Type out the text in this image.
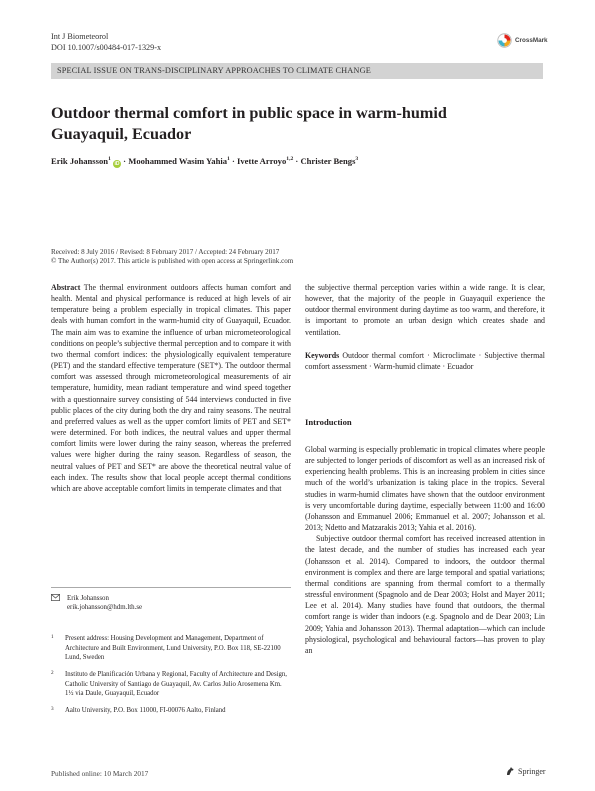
Int J Biometeorol
DOI 10.1007/s00484-017-1329-x
CrossMark
SPECIAL ISSUE ON TRANS-DISCIPLINARY APPROACHES TO CLIMATE CHANGE
Outdoor thermal comfort in public space in warm-humid
Guayaquil, Ecuador
Erik Johansson$^1$ iD · Moohammed Wasim Yahia$^1$ · Ivette Arroyo$^{1,2}$ · Christer Bengs$^3$
Received: 8 July 2016 / Revised: 8 February 2017 / Accepted: 24 February 2017
© The Author(s) 2017. This article is published with open access at Springerlink.com

Abstract The thermal environment outdoors affects human comfort and health. Mental and physical performance is reduced at high levels of air temperature being a problem especially in tropical climates. This paper deals with human comfort in the warm-humid city of Guayaquil, Ecuador. The main aim was to examine the influence of urban micrometeorological conditions on people’s subjective thermal perception and to compare it with two thermal comfort indices: the physiologically equivalent temperature (PET) and the standard effective temperature (SET*). The outdoor thermal comfort was assessed through micrometeorological measurements of air temperature, humidity, mean radiant temperature and wind speed together with a questionnaire survey consisting of 544 interviews conducted in five public places of the city during both the dry and rainy seasons. The neutral and preferred values as well as the upper comfort limits of PET and SET* were determined. For both indices, the neutral values and upper thermal comfort limits were lower during the rainy season, whereas the preferred values were higher during the rainy season. Regardless of season, the neutral values of PET and SET* are above the theoretical neutral value of each index. The results show that local people accept thermal conditions which are above acceptable comfort limits in temperate climates and that

the subjective thermal perception varies within a wide range. It is clear, however, that the majority of the people in Guayaquil experience the outdoor thermal environment during daytime as too warm, and therefore, it is important to promote an urban design which creates shade and ventilation.

Keywords Outdoor thermal comfort · Microclimate · Subjective thermal comfort assessment · Warm-humid climate · Ecuador

Introduction

Global warming is especially problematic in tropical climates where people are subjected to longer periods of discomfort as well as an increased risk of experiencing health problems. This is an increasing problem in cities since much of the world’s urbanization is taking place in the tropics. Several studies in warm-humid climates have shown that the outdoor environment is very uncomfortable during daytime, especially between 11:00 and 16:00 (Johansson and Emmanuel 2006; Emmanuel et al. 2007; Johansson et al. 2013; Ndetto and Matzarakis 2013; Yahia et al. 2016).

Subjective outdoor thermal comfort has received increased attention in the latest decade, and the number of studies has increased each year (Johansson et al. 2014). Compared to indoors, the outdoor thermal environment is complex and there are large temporal and spatial variations; thermal conditions are spanning from thermal comfort to a thermally stressful environment (Spagnolo and de Dear 2003; Holst and Mayer 2011; Lee et al. 2014). Many studies have found that outdoors, the thermal comfort range is wider than indoors (e.g. Spagnolo and de Dear 2003; Lin 2009; Yahia and Johansson 2013). Thermal adaptation—which can include physiological, psychological and behavioural factors—has proven to play an

Erik Johansson
erik.johansson@hdm.lth.se
1 Present address: Housing Development and Management, Department of Architecture and Built Environment, Lund University, P.O. Box 118, SE-22100 Lund, Sweden
2 Instituto de Planificación Urbana y Regional, Faculty of Architecture and Design, Catholic University of Santiago de Guayaquil, Av. Carlos Julio Arosemena Km. 1½ via Daule, Guayaquil, Ecuador
3 Aalto University, P.O. Box 11000, FI-00076 Aalto, Finland
Published online: 10 March 2017	Springer
